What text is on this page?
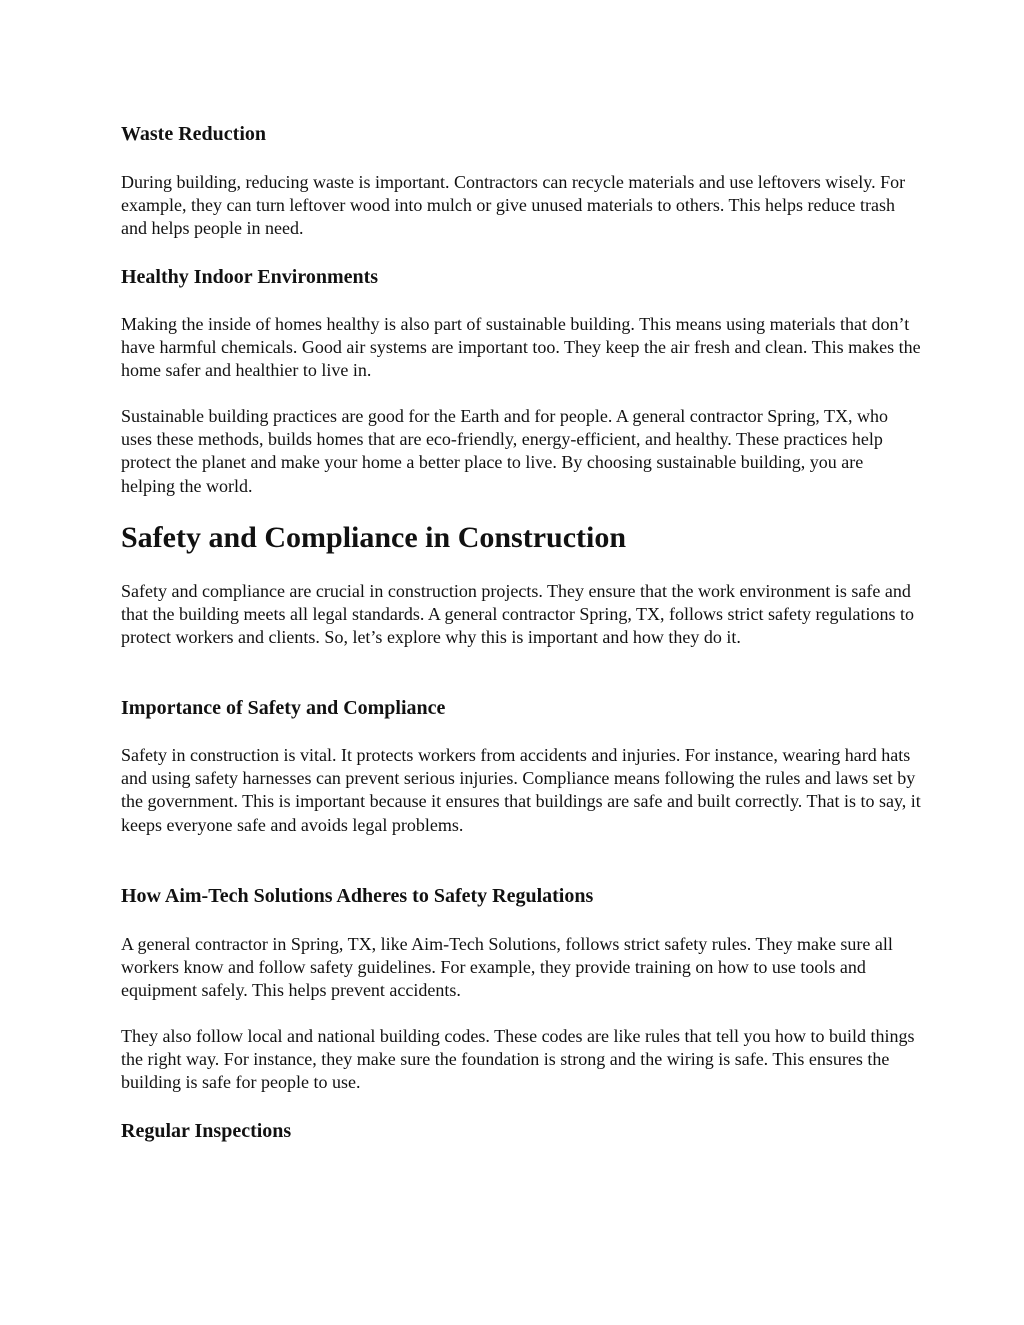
Waste Reduction

During building, reducing waste is important. Contractors can recycle materials and use leftovers wisely. For example, they can turn leftover wood into mulch or give unused materials to others. This helps reduce trash and helps people in need.

Healthy Indoor Environments

Making the inside of homes healthy is also part of sustainable building. This means using materials that don’t have harmful chemicals. Good air systems are important too. They keep the air fresh and clean. This makes the home safer and healthier to live in.

Sustainable building practices are good for the Earth and for people. A general contractor Spring, TX, who uses these methods, builds homes that are eco-friendly, energy-efficient, and healthy. These practices help protect the planet and make your home a better place to live. By choosing sustainable building, you are helping the world.

Safety and Compliance in Construction

Safety and compliance are crucial in construction projects. They ensure that the work environment is safe and that the building meets all legal standards. A general contractor Spring, TX, follows strict safety regulations to protect workers and clients. So, let’s explore why this is important and how they do it.

Importance of Safety and Compliance

Safety in construction is vital. It protects workers from accidents and injuries. For instance, wearing hard hats and using safety harnesses can prevent serious injuries. Compliance means following the rules and laws set by the government. This is important because it ensures that buildings are safe and built correctly. That is to say, it keeps everyone safe and avoids legal problems.

How Aim-Tech Solutions Adheres to Safety Regulations

A general contractor in Spring, TX, like Aim-Tech Solutions, follows strict safety rules. They make sure all workers know and follow safety guidelines. For example, they provide training on how to use tools and equipment safely. This helps prevent accidents.

They also follow local and national building codes. These codes are like rules that tell you how to build things the right way. For instance, they make sure the foundation is strong and the wiring is safe. This ensures the building is safe for people to use.

Regular Inspections
